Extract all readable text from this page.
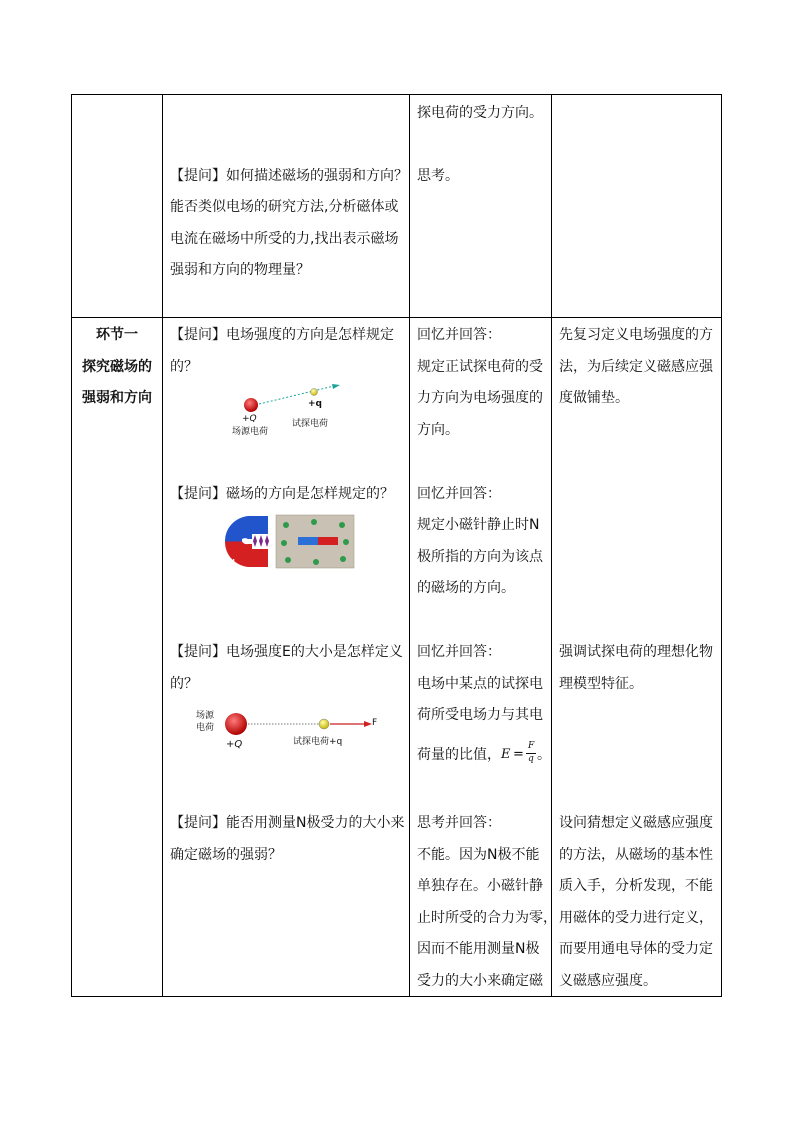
【提问】如何描述磁场的强弱和方向？
能否类似电场的研究方法,分析磁体或
电流在磁场中所受的力,找出表示磁场
强弱和方向的物理量？
探电荷的受力方向。
思考。
环节一
探究磁场的
强弱和方向
【提问】电场强度的方向是怎样规定
的？
+Q
场源电荷
+q
试探电荷
回忆并回答：
规定正试探电荷的受
力方向为电场强度的
方向。
先复习定义电场强度的方
法，为后续定义磁感应强
度做铺垫。
【提问】磁场的方向是怎样规定的？
S
N
回忆并回答：
规定小磁针静止时N
极所指的方向为该点
的磁场的方向。
【提问】电场强度E的大小是怎样定义
的？
场源
电荷
+Q	试探电荷+q
F
回忆并回答：
电场中某点的试探电
荷所受电场力与其电
荷量的比值， E =
F
q 。
强调试探电荷的理想化物
理模型特征。
【提问】能否用测量N极受力的大小来
确定磁场的强弱？
思考并回答：
不能。因为N极不能
单独存在。小磁针静
止时所受的合力为零，
因而不能用测量N极
受力的大小来确定磁
设问猜想定义磁感应强度
的方法，从磁场的基本性
质入手，分析发现，不能
用磁体的受力进行定义，
而要用通电导体的受力定
义磁感应强度。
